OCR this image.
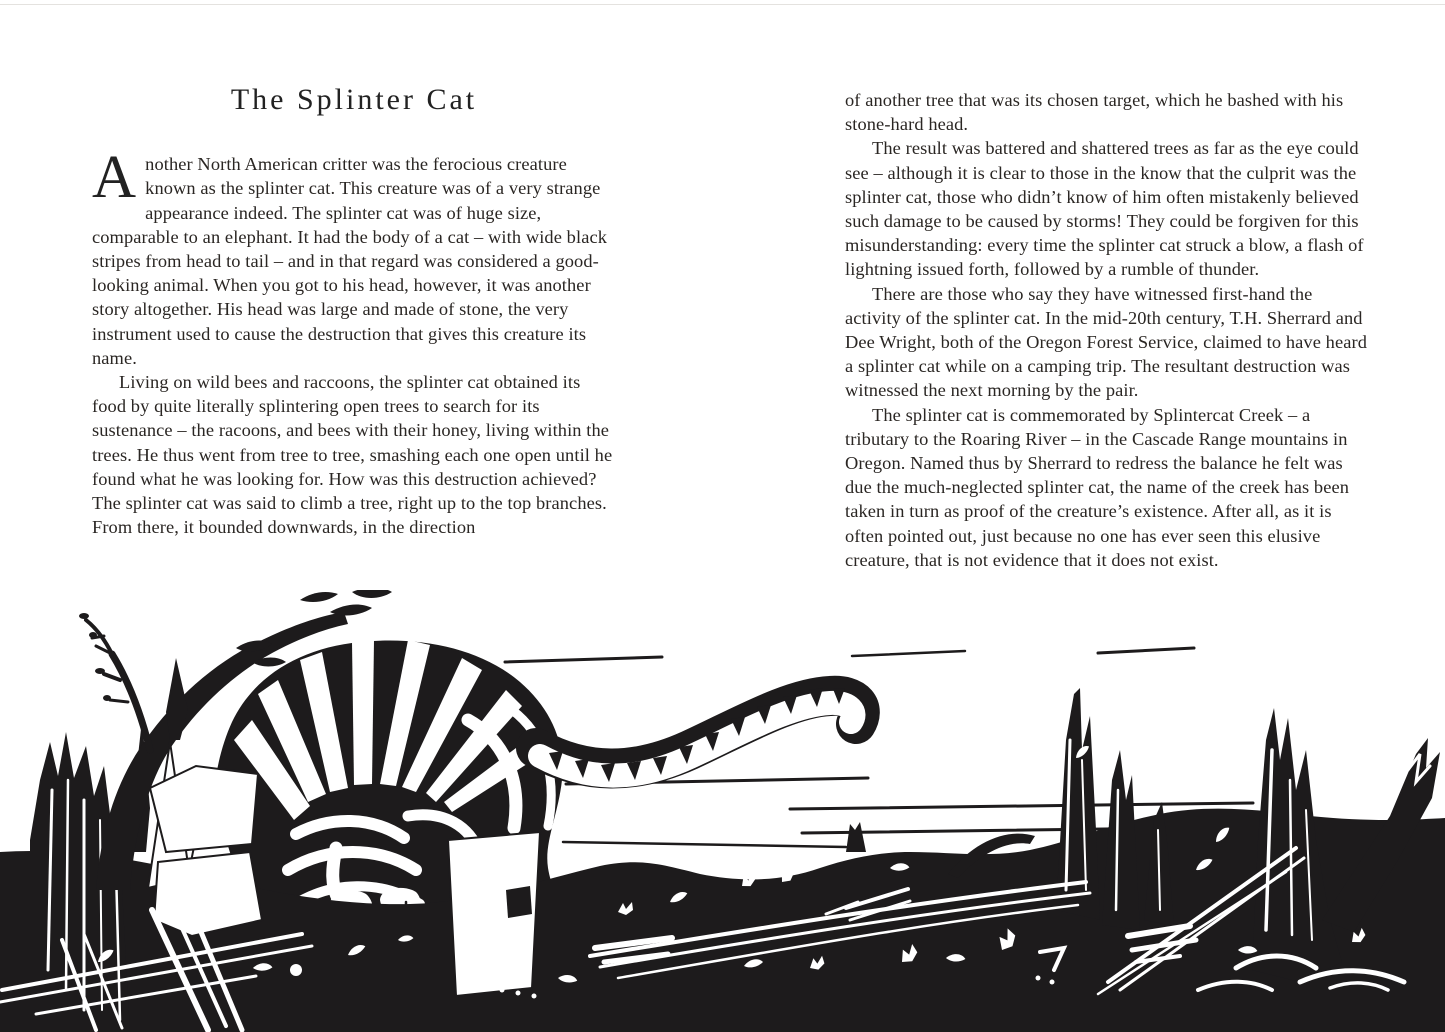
The Splinter Cat

Another North American critter was the ferocious creature known as the splinter cat. This creature was of a very strange appearance indeed. The splinter cat was of huge size, comparable to an elephant. It had the body of a cat – with wide black stripes from head to tail – and in that regard was considered a good-looking animal. When you got to his head, however, it was another story altogether. His head was large and made of stone, the very instrument used to cause the destruction that gives this creature its name.

Living on wild bees and raccoons, the splinter cat obtained its food by quite literally splintering open trees to search for its sustenance – the racoons, and bees with their honey, living within the trees. He thus went from tree to tree, smashing each one open until he found what he was looking for. How was this destruction achieved? The splinter cat was said to climb a tree, right up to the top branches. From there, it bounded downwards, in the direction

of another tree that was its chosen target, which he bashed with his stone-hard head.

The result was battered and shattered trees as far as the eye could see – although it is clear to those in the know that the culprit was the splinter cat, those who didn’t know of him often mistakenly believed such damage to be caused by storms! They could be forgiven for this misunderstanding: every time the splinter cat struck a blow, a flash of lightning issued forth, followed by a rumble of thunder.

There are those who say they have witnessed first-hand the activity of the splinter cat. In the mid-20th century, T.H. Sherrard and Dee Wright, both of the Oregon Forest Service, claimed to have heard a splinter cat while on a camping trip. The resultant destruction was witnessed the next morning by the pair.

The splinter cat is commemorated by Splintercat Creek – a tributary to the Roaring River – in the Cascade Range mountains in Oregon. Named thus by Sherrard to redress the balance he felt was due the much-neglected splinter cat, the name of the creek has been taken in turn as proof of the creature’s existence. After all, as it is often pointed out, just because no one has ever seen this elusive creature, that is not evidence that it does not exist.
